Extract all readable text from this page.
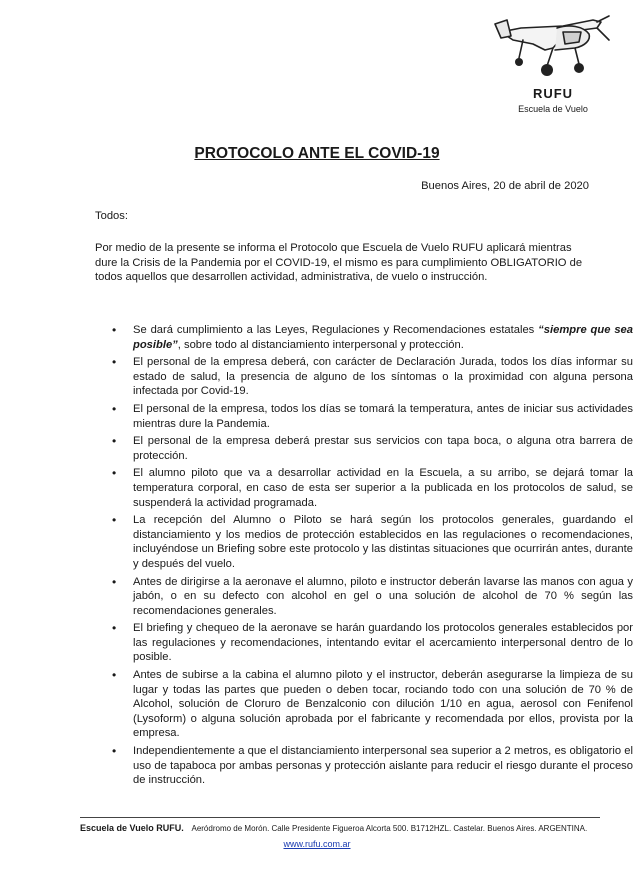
RUFU
Escuela de Vuelo
PROTOCOLO ANTE EL COVID-19
Buenos Aires, 20 de abril de 2020
Todos:
Por medio de la presente se informa el Protocolo que Escuela de Vuelo RUFU aplicará mientras dure la Crisis de la Pandemia por el COVID-19, el mismo es para cumplimiento OBLIGATORIO de todos aquellos que desarrollen actividad, administrativa, de vuelo o instrucción.
• Se dará cumplimiento a las Leyes, Regulaciones y Recomendaciones estatales “siempre que sea posible”, sobre todo al distanciamiento interpersonal y protección.
• El personal de la empresa deberá, con carácter de Declaración Jurada, todos los días informar su estado de salud, la presencia de alguno de los síntomas o la proximidad con alguna persona infectada por Covid-19.
• El personal de la empresa, todos los días se tomará la temperatura, antes de iniciar sus actividades mientras dure la Pandemia.
• El personal de la empresa deberá prestar sus servicios con tapa boca, o alguna otra barrera de protección.
• El alumno piloto que va a desarrollar actividad en la Escuela, a su arribo, se dejará tomar la temperatura corporal, en caso de esta ser superior a la publicada en los protocolos de salud, se suspenderá la actividad programada.
• La recepción del Alumno o Piloto se hará según los protocolos generales, guardando el distanciamiento y los medios de protección establecidos en las regulaciones o recomendaciones, incluyéndose un Briefing sobre este protocolo y las distintas situaciones que ocurrirán antes, durante y después del vuelo.
• Antes de dirigirse a la aeronave el alumno, piloto e instructor deberán lavarse las manos con agua y jabón, o en su defecto con alcohol en gel o una solución de alcohol de 70 % según las recomendaciones generales.
• El briefing y chequeo de la aeronave se harán guardando los protocolos generales establecidos por las regulaciones y recomendaciones, intentando evitar el acercamiento interpersonal dentro de lo posible.
• Antes de subirse a la cabina el alumno piloto y el instructor, deberán asegurarse la limpieza de su lugar y todas las partes que pueden o deben tocar, rociando todo con una solución de 70 % de Alcohol, solución de Cloruro de Benzalconio con dilución 1/10 en agua, aerosol con Fenifenol (Lysoform) o alguna solución aprobada por el fabricante y recomendada por ellos, provista por la empresa.
• Independientemente a que el distanciamiento interpersonal sea superior a 2 metros, es obligatorio el uso de tapaboca por ambas personas y protección aislante para reducir el riesgo durante el proceso de instrucción.
Escuela de Vuelo RUFU. Aeródromo de Morón. Calle Presidente Figueroa Alcorta 500. B1712HZL. Castelar. Buenos Aires. ARGENTINA.
www.rufu.com.ar
